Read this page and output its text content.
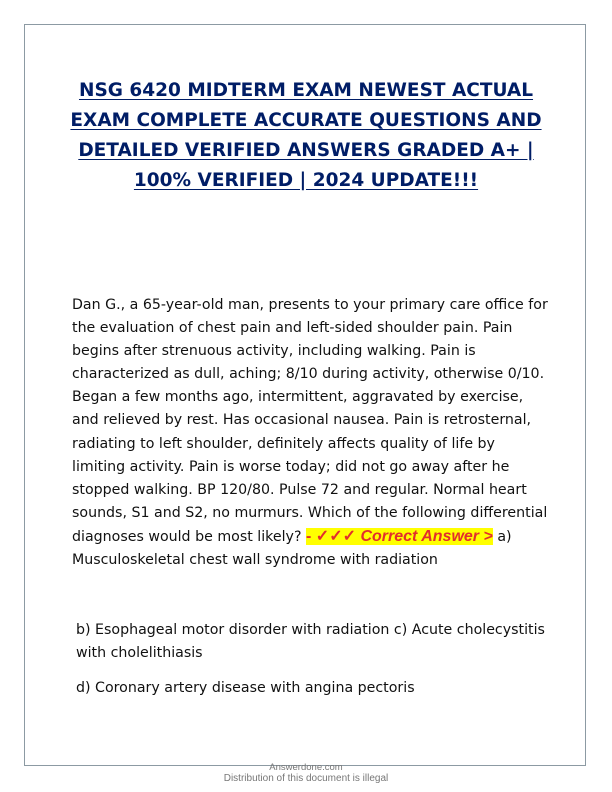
NSG 6420 MIDTERM EXAM NEWEST ACTUAL EXAM COMPLETE ACCURATE QUESTIONS AND DETAILED VERIFIED ANSWERS GRADED A+ | 100% VERIFIED | 2024 UPDATE!!!

Dan G., a 65-year-old man, presents to your primary care office for the evaluation of chest pain and left-sided shoulder pain. Pain begins after strenuous activity, including walking. Pain is characterized as dull, aching; 8/10 during activity, otherwise 0/10. Began a few months ago, intermittent, aggravated by exercise, and relieved by rest. Has occasional nausea. Pain is retrosternal, radiating to left shoulder, definitely affects quality of life by limiting activity. Pain is worse today; did not go away after he stopped walking. BP 120/80. Pulse 72 and regular. Normal heart sounds, S1 and S2, no murmurs. Which of the following differential diagnoses would be most likely? - ✓✓✓ Correct Answer > a) Musculoskeletal chest wall syndrome with radiation

b) Esophageal motor disorder with radiation c) Acute cholecystitis with cholelithiasis

d) Coronary artery disease with angina pectoris

Answerdone.com
Distribution of this document is illegal
